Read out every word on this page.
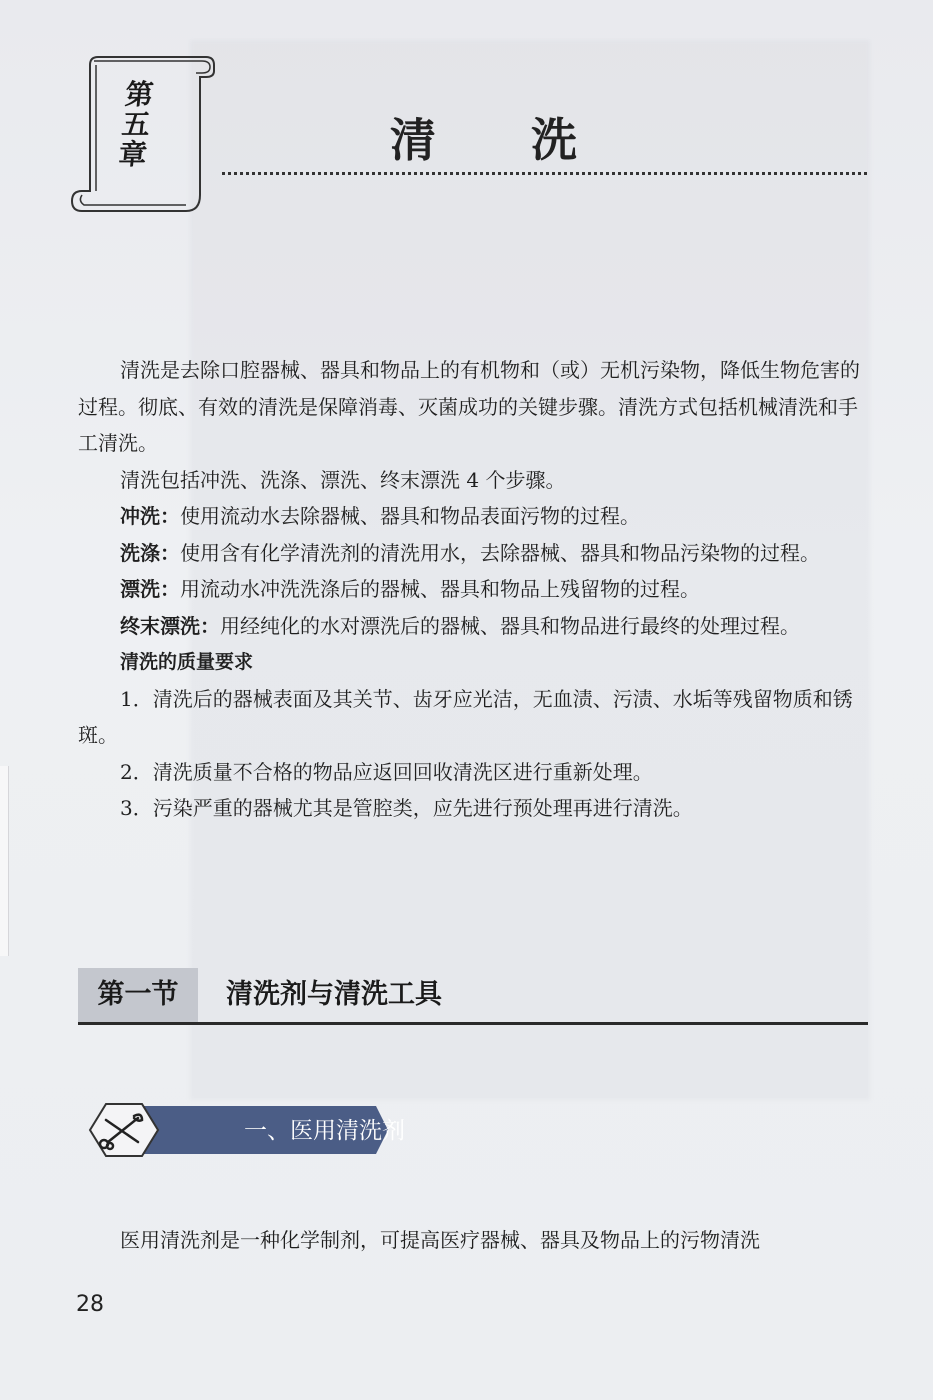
第五章	清洗

清洗是去除口腔器械、器具和物品上的有机物和（或）无机污染物，降低生物危害的过程。彻底、有效的清洗是保障消毒、灭菌成功的关键步骤。清洗方式包括机械清洗和手工清洗。

清洗包括冲洗、洗涤、漂洗、终末漂洗 4 个步骤。

冲洗：使用流动水去除器械、器具和物品表面污物的过程。

洗涤：使用含有化学清洗剂的清洗用水，去除器械、器具和物品污染物的过程。

漂洗：用流动水冲洗洗涤后的器械、器具和物品上残留物的过程。

终末漂洗：用经纯化的水对漂洗后的器械、器具和物品进行最终的处理过程。

清洗的质量要求

1．清洗后的器械表面及其关节、齿牙应光洁，无血渍、污渍、水垢等残留物质和锈斑。

2．清洗质量不合格的物品应返回回收清洗区进行重新处理。

3．污染严重的器械尤其是管腔类，应先进行预处理再进行清洗。

第一节	清洗剂与清洗工具
一、医用清洗剂
医用清洗剂是一种化学制剂，可提高医疗器械、器具及物品上的污物清洗
28
